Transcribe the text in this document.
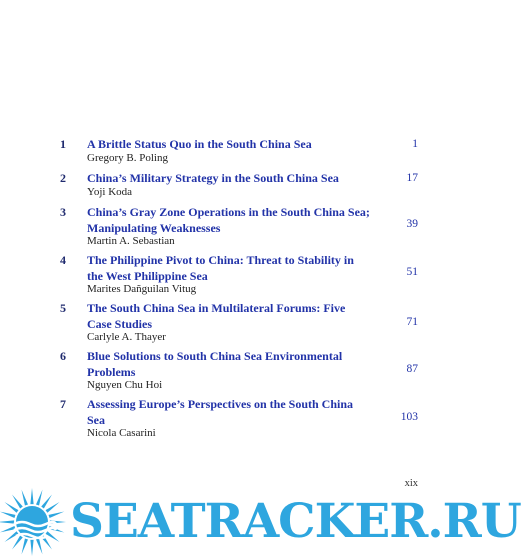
1 A Brittle Status Quo in the South China Sea
Gregory B. Poling
1
2 China’s Military Strategy in the South China Sea
Yoji Koda
17
3 China’s Gray Zone Operations in the South China Sea; Manipulating Weaknesses
Martin A. Sebastian
39
4 The Philippine Pivot to China: Threat to Stability in the West Philippine Sea
Marites Dañguilan Vitug
51
5 The South China Sea in Multilateral Forums: Five Case Studies
Carlyle A. Thayer
71
6 Blue Solutions to South China Sea Environmental Problems
Nguyen Chu Hoi
87
7 Assessing Europe’s Perspectives on the South China Sea
Nicola Casarini
103
xix
SEATRACKER.RU
